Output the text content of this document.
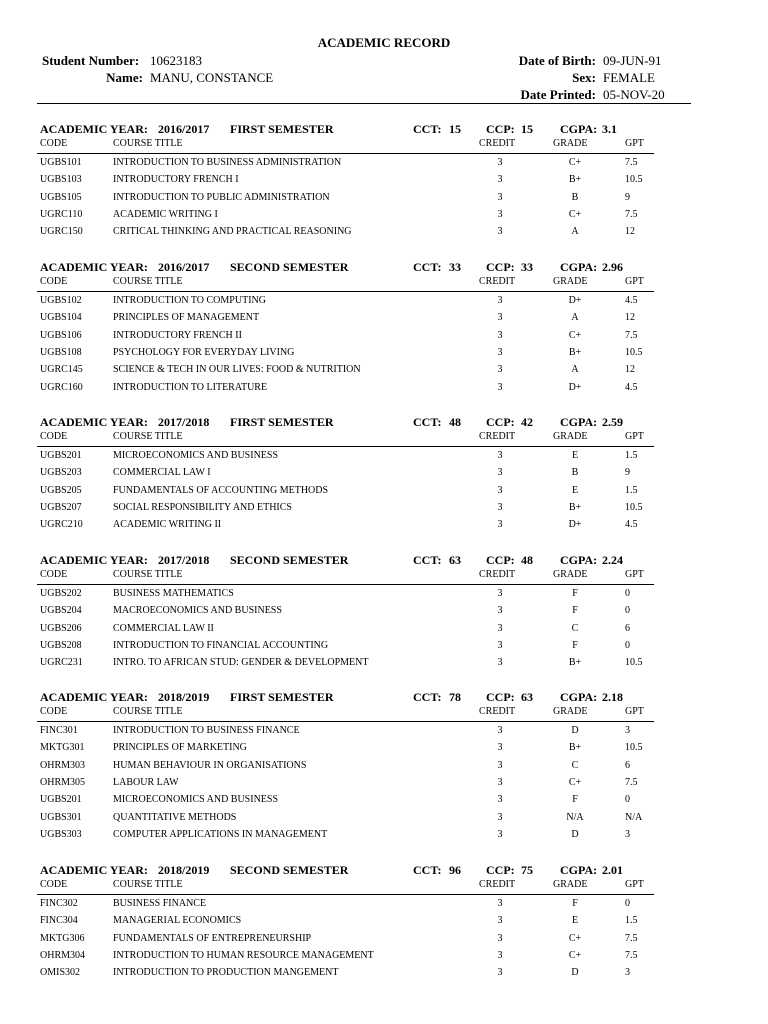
ACADEMIC RECORD
Student Number: 10623183
Name: MANU, CONSTANCE
Date of Birth: 09-JUN-91
Sex: FEMALE
Date Printed: 05-NOV-20
ACADEMIC YEAR: 2016/2017 FIRST SEMESTER	CCT: 15 CCP: 15 CGPA: 3.1
CODE	COURSE TITLE	CREDIT	GRADE	GPT
UGBS101	INTRODUCTION TO BUSINESS ADMINISTRATION	3	C+	7.5
UGBS103	INTRODUCTORY FRENCH I	3	B+	10.5
UGBS105	INTRODUCTION TO PUBLIC ADMINISTRATION	3	B	9
UGRC110	ACADEMIC WRITING I	3	C+	7.5
UGRC150	CRITICAL THINKING AND PRACTICAL REASONING	3	A	12
ACADEMIC YEAR: 2016/2017 SECOND SEMESTER	CCT: 33 CCP: 33 CGPA: 2.96
CODE	COURSE TITLE	CREDIT	GRADE	GPT
UGBS102	INTRODUCTION TO COMPUTING	3	D+	4.5
UGBS104	PRINCIPLES OF MANAGEMENT	3	A	12
UGBS106	INTRODUCTORY FRENCH II	3	C+	7.5
UGBS108	PSYCHOLOGY FOR EVERYDAY LIVING	3	B+	10.5
UGRC145	SCIENCE & TECH IN OUR LIVES: FOOD & NUTRITION	3	A	12
UGRC160	INTRODUCTION TO LITERATURE	3	D+	4.5
ACADEMIC YEAR: 2017/2018 FIRST SEMESTER	CCT: 48 CCP: 42 CGPA: 2.59
CODE	COURSE TITLE	CREDIT	GRADE	GPT
UGBS201	MICROECONOMICS AND BUSINESS	3	E	1.5
UGBS203	COMMERCIAL LAW I	3	B	9
UGBS205	FUNDAMENTALS OF ACCOUNTING METHODS	3	E	1.5
UGBS207	SOCIAL RESPONSIBILITY AND ETHICS	3	B+	10.5
UGRC210	ACADEMIC WRITING II	3	D+	4.5
ACADEMIC YEAR: 2017/2018 SECOND SEMESTER	CCT: 63 CCP: 48 CGPA: 2.24
CODE	COURSE TITLE	CREDIT	GRADE	GPT
UGBS202	BUSINESS MATHEMATICS	3	F	0
UGBS204	MACROECONOMICS AND BUSINESS	3	F	0
UGBS206	COMMERCIAL LAW II	3	C	6
UGBS208	INTRODUCTION TO FINANCIAL ACCOUNTING	3	F	0
UGRC231	INTRO. TO AFRICAN STUD: GENDER & DEVELOPMENT	3	B+	10.5
ACADEMIC YEAR: 2018/2019 FIRST SEMESTER	CCT: 78 CCP: 63 CGPA: 2.18
CODE	COURSE TITLE	CREDIT	GRADE	GPT
FINC301	INTRODUCTION TO BUSINESS FINANCE	3	D	3
MKTG301	PRINCIPLES OF MARKETING	3	B+	10.5
OHRM303	HUMAN BEHAVIOUR IN ORGANISATIONS	3	C	6
OHRM305	LABOUR LAW	3	C+	7.5
UGBS201	MICROECONOMICS AND BUSINESS	3	F	0
UGBS301	QUANTITATIVE METHODS	3	N/A	N/A
UGBS303	COMPUTER APPLICATIONS IN MANAGEMENT	3	D	3
ACADEMIC YEAR: 2018/2019 SECOND SEMESTER	CCT: 96 CCP: 75 CGPA: 2.01
CODE	COURSE TITLE	CREDIT	GRADE	GPT
FINC302	BUSINESS FINANCE	3	F	0
FINC304	MANAGERIAL ECONOMICS	3	E	1.5
MKTG306	FUNDAMENTALS OF ENTREPRENEURSHIP	3	C+	7.5
OHRM304	INTRODUCTION TO HUMAN RESOURCE MANAGEMENT	3	C+	7.5
OMIS302	INTRODUCTION TO PRODUCTION MANGEMENT	3	D	3
